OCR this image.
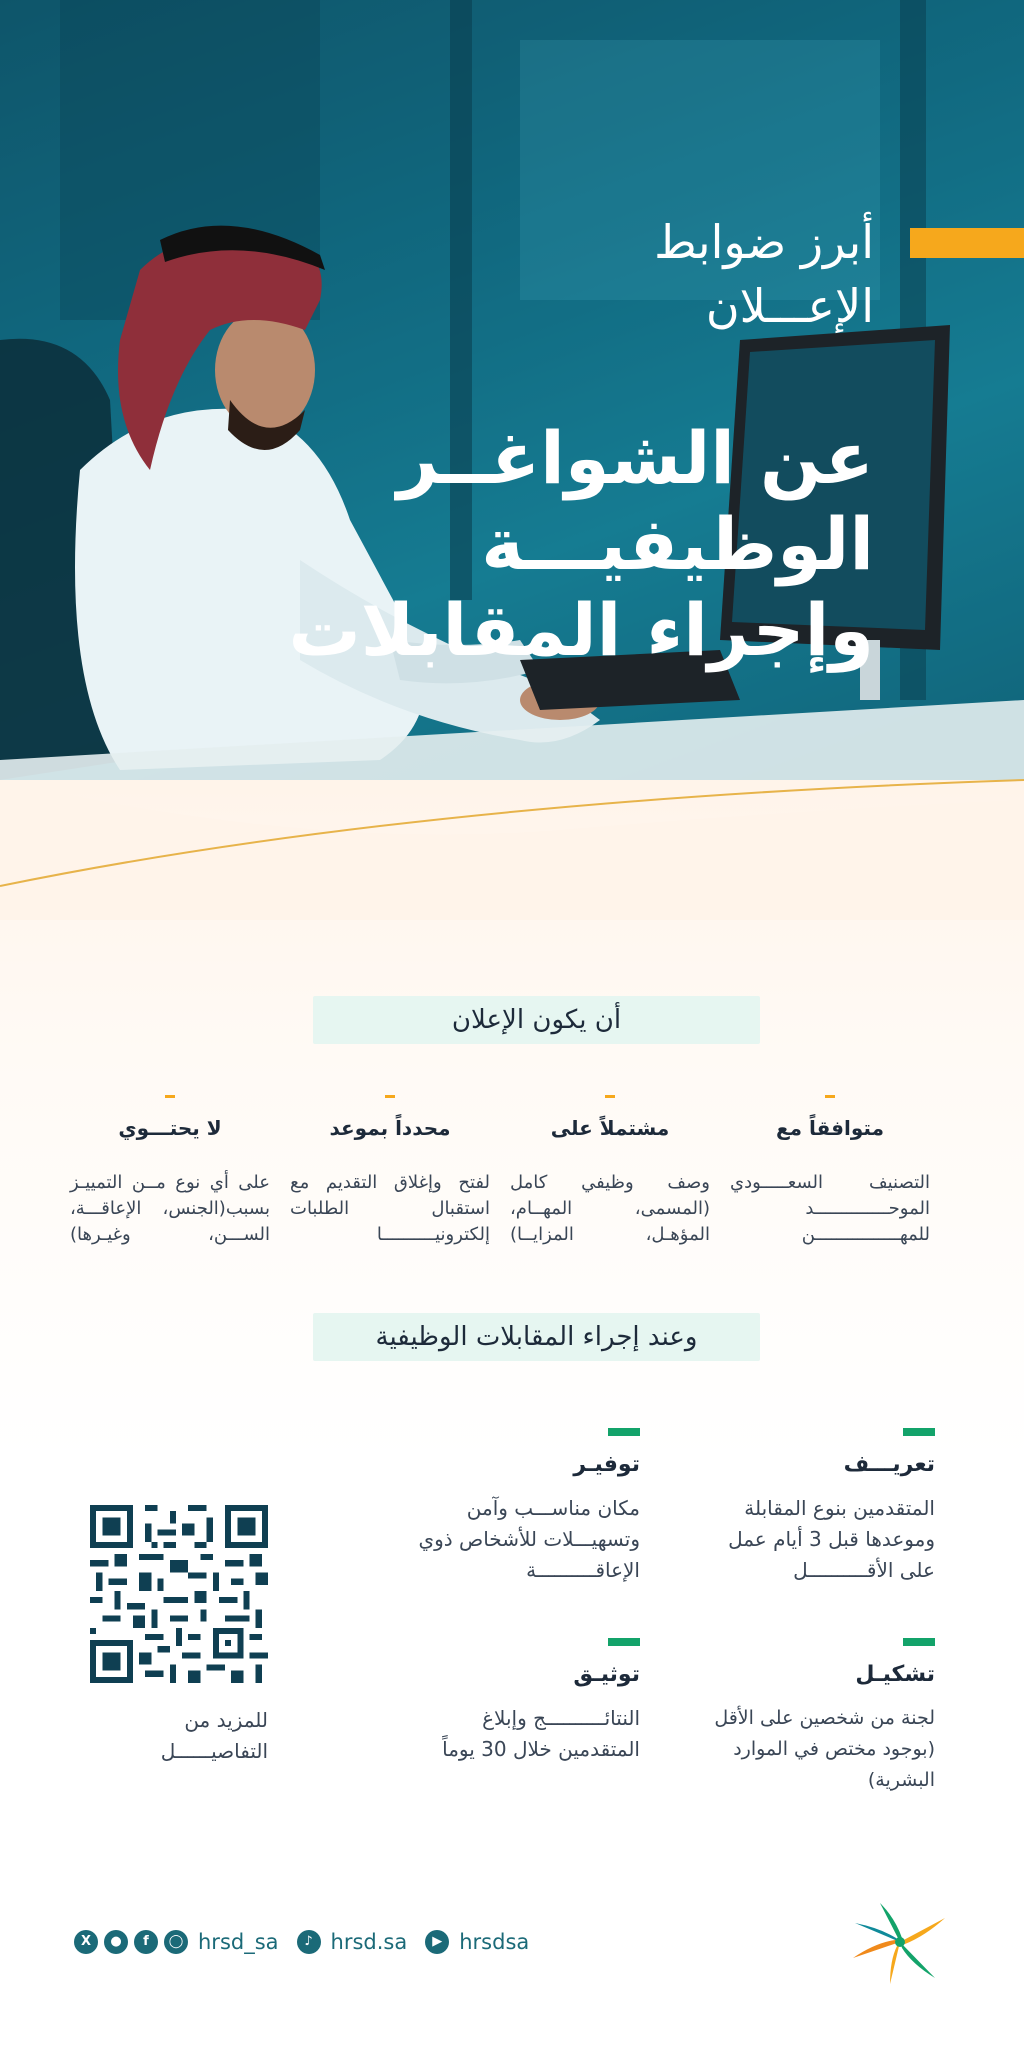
أبرز ضوابط
الإعـــلان
عن الشواغــر
الوظيفيـــة
وإجراء المقابلات
أن يكون الإعلان
متوافقاً مع
التصنيف السعـــــودي الموحــــــــــــــد للمهــــــــــــــــن
مشتملاً على
وصف وظيفي كامل (المسمى، المهــام، المؤهـل، المزايــا)
محدداً بموعد
لفتح وإغلاق التقديم مع استقبال الطلبات إلكترونيــــــــــا
لا يحتـــوي
على أي نوع مــن التمييـز بسبب(الجنس، الإعاقـــة، الســـن، وغيـرها)
وعند إجراء المقابلات الوظيفية
تعريـــف
المتقدمين بنوع المقابلة وموعدها قبل 3 أيام عمل على الأقــــــــــل
توفيـر
مكان مناســـب وآمن وتسهيـــلات للأشخاص ذوي الإعاقــــــــــة
تشكيـل
لجنة من شخصين على الأقل (بوجود مختص في الموارد البشرية)
توثيـق
النتائــــــــــج وإبلاغ المتقدمين خلال 30 يوماً
للمزيد من التفاصيــــــل
X	●	f	◯ hrsd_sa	♪ hrsd.sa	▶ hrsdsa
